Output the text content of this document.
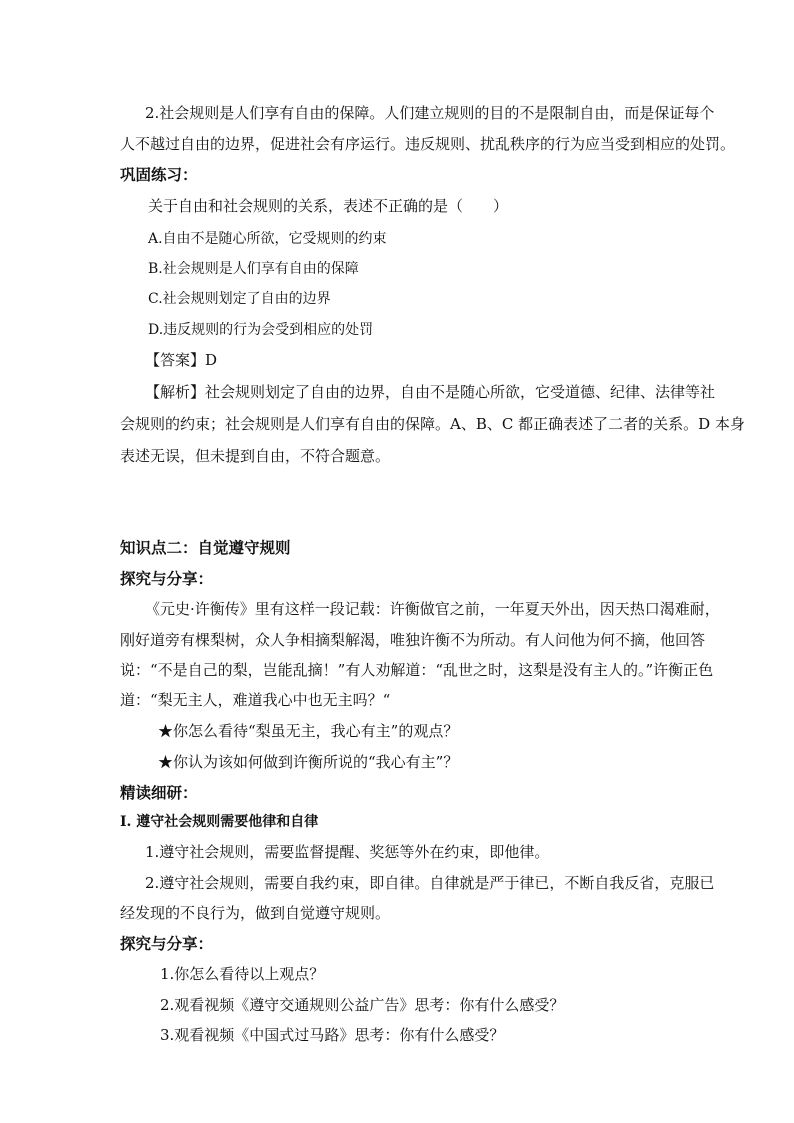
2.社会规则是人们享有自由的保障。人们建立规则的目的不是限制自由，而是保证每个
人不越过自由的边界，促进社会有序运行。违反规则、扰乱秩序的行为应当受到相应的处罚。
巩固练习：
关于自由和社会规则的关系，表述不正确的是（　　）
A.自由不是随心所欲，它受规则的约束
B.社会规则是人们享有自由的保障
C.社会规则划定了自由的边界
D.违反规则的行为会受到相应的处罚
【答案】D
【解析】社会规则划定了自由的边界，自由不是随心所欲，它受道德、纪律、法律等社
会规则的约束；社会规则是人们享有自由的保障。A、B、C 都正确表述了二者的关系。D 本身
表述无误，但未提到自由，不符合题意。
知识点二：自觉遵守规则
探究与分享：
《元史·许衡传》里有这样一段记载：许衡做官之前，一年夏天外出，因天热口渴难耐，
刚好道旁有棵梨树，众人争相摘梨解渴，唯独许衡不为所动。有人问他为何不摘，他回答
说：“不是自己的梨，岂能乱摘！”有人劝解道：“乱世之时，这梨是没有主人的。”许衡正色
道：“梨无主人，难道我心中也无主吗？“
★你怎么看待“梨虽无主，我心有主”的观点？
★你认为该如何做到许衡所说的“我心有主”？
精读细研：
Ⅰ. 遵守社会规则需要他律和自律
1.遵守社会规则，需要监督提醒、奖惩等外在约束，即他律。
2.遵守社会规则，需要自我约束，即自律。自律就是严于律已，不断自我反省，克服已
经发现的不良行为，做到自觉遵守规则。
探究与分享：
1.你怎么看待以上观点？
2.观看视频《遵守交通规则公益广告》思考：你有什么感受？
3.观看视频《中国式过马路》思考：你有什么感受？
